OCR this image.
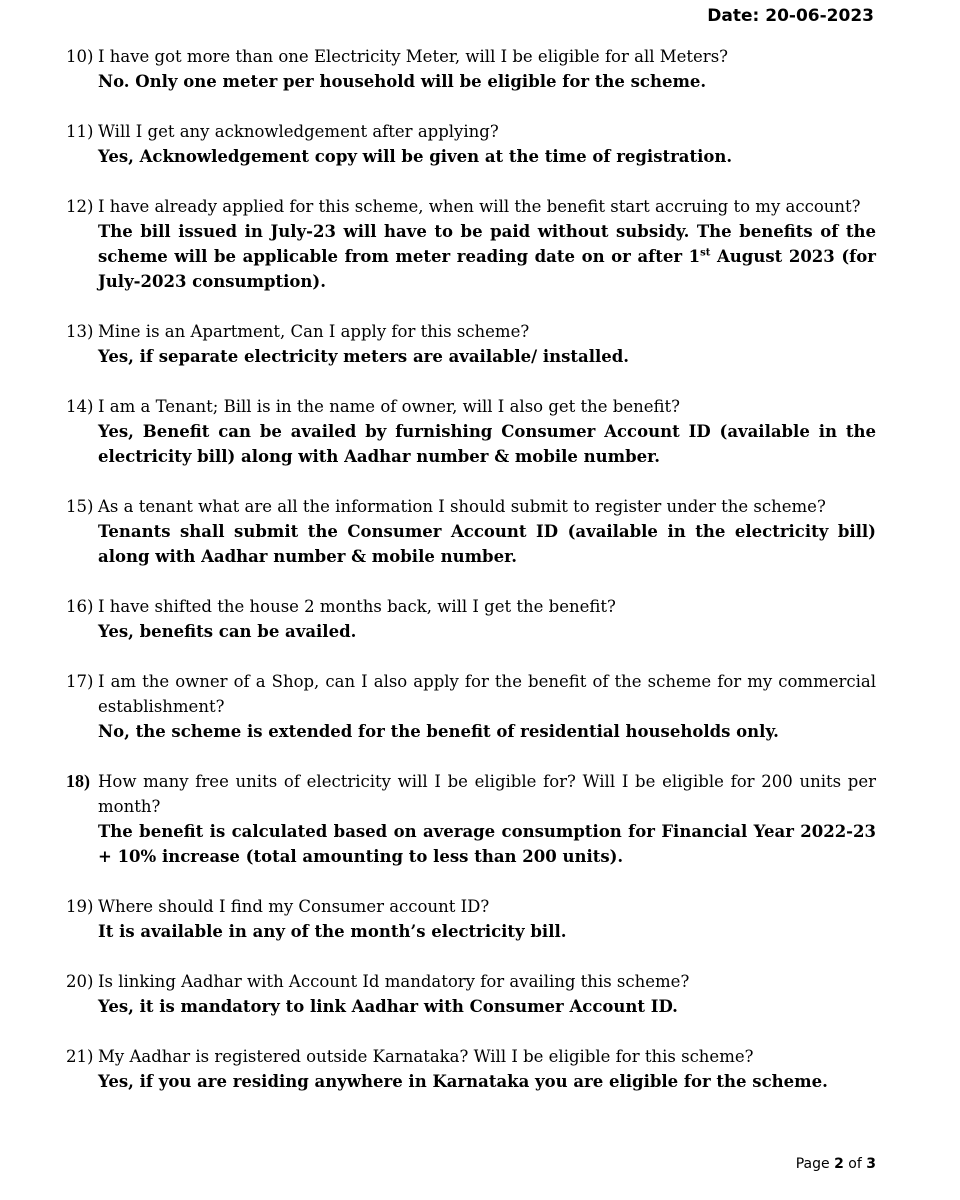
Date: 20-06-2023
10) I have got more than one Electricity Meter, will I be eligible for all Meters?
No. Only one meter per household will be eligible for the scheme.
11) Will I get any acknowledgement after applying?
Yes, Acknowledgement copy will be given at the time of registration.
12) I have already applied for this scheme, when will the benefit start accruing to my account?
The bill issued in July-23 will have to be paid without subsidy. The benefits of the scheme will be applicable from meter reading date on or after 1st August 2023 (for July-2023 consumption).
13) Mine is an Apartment, Can I apply for this scheme?
Yes, if separate electricity meters are available/ installed.
14) I am a Tenant; Bill is in the name of owner, will I also get the benefit?
Yes, Benefit can be availed by furnishing Consumer Account ID (available in the electricity bill) along with Aadhar number & mobile number.
15) As a tenant what are all the information I should submit to register under the scheme?
Tenants shall submit the Consumer Account ID (available in the electricity bill) along with Aadhar number & mobile number.
16) I have shifted the house 2 months back, will I get the benefit?
Yes, benefits can be availed.
17) I am the owner of a Shop, can I also apply for the benefit of the scheme for my commercial establishment?
No, the scheme is extended for the benefit of residential households only.
18) How many free units of electricity will I be eligible for? Will I be eligible for 200 units per month?
The benefit is calculated based on average consumption for Financial Year 2022-23 + 10% increase (total amounting to less than 200 units).
19) Where should I find my Consumer account ID?
It is available in any of the month’s electricity bill.
20) Is linking Aadhar with Account Id mandatory for availing this scheme?
Yes, it is mandatory to link Aadhar with Consumer Account ID.
21) My Aadhar is registered outside Karnataka? Will I be eligible for this scheme?
Yes, if you are residing anywhere in Karnataka you are eligible for the scheme.
Page 2 of 3
